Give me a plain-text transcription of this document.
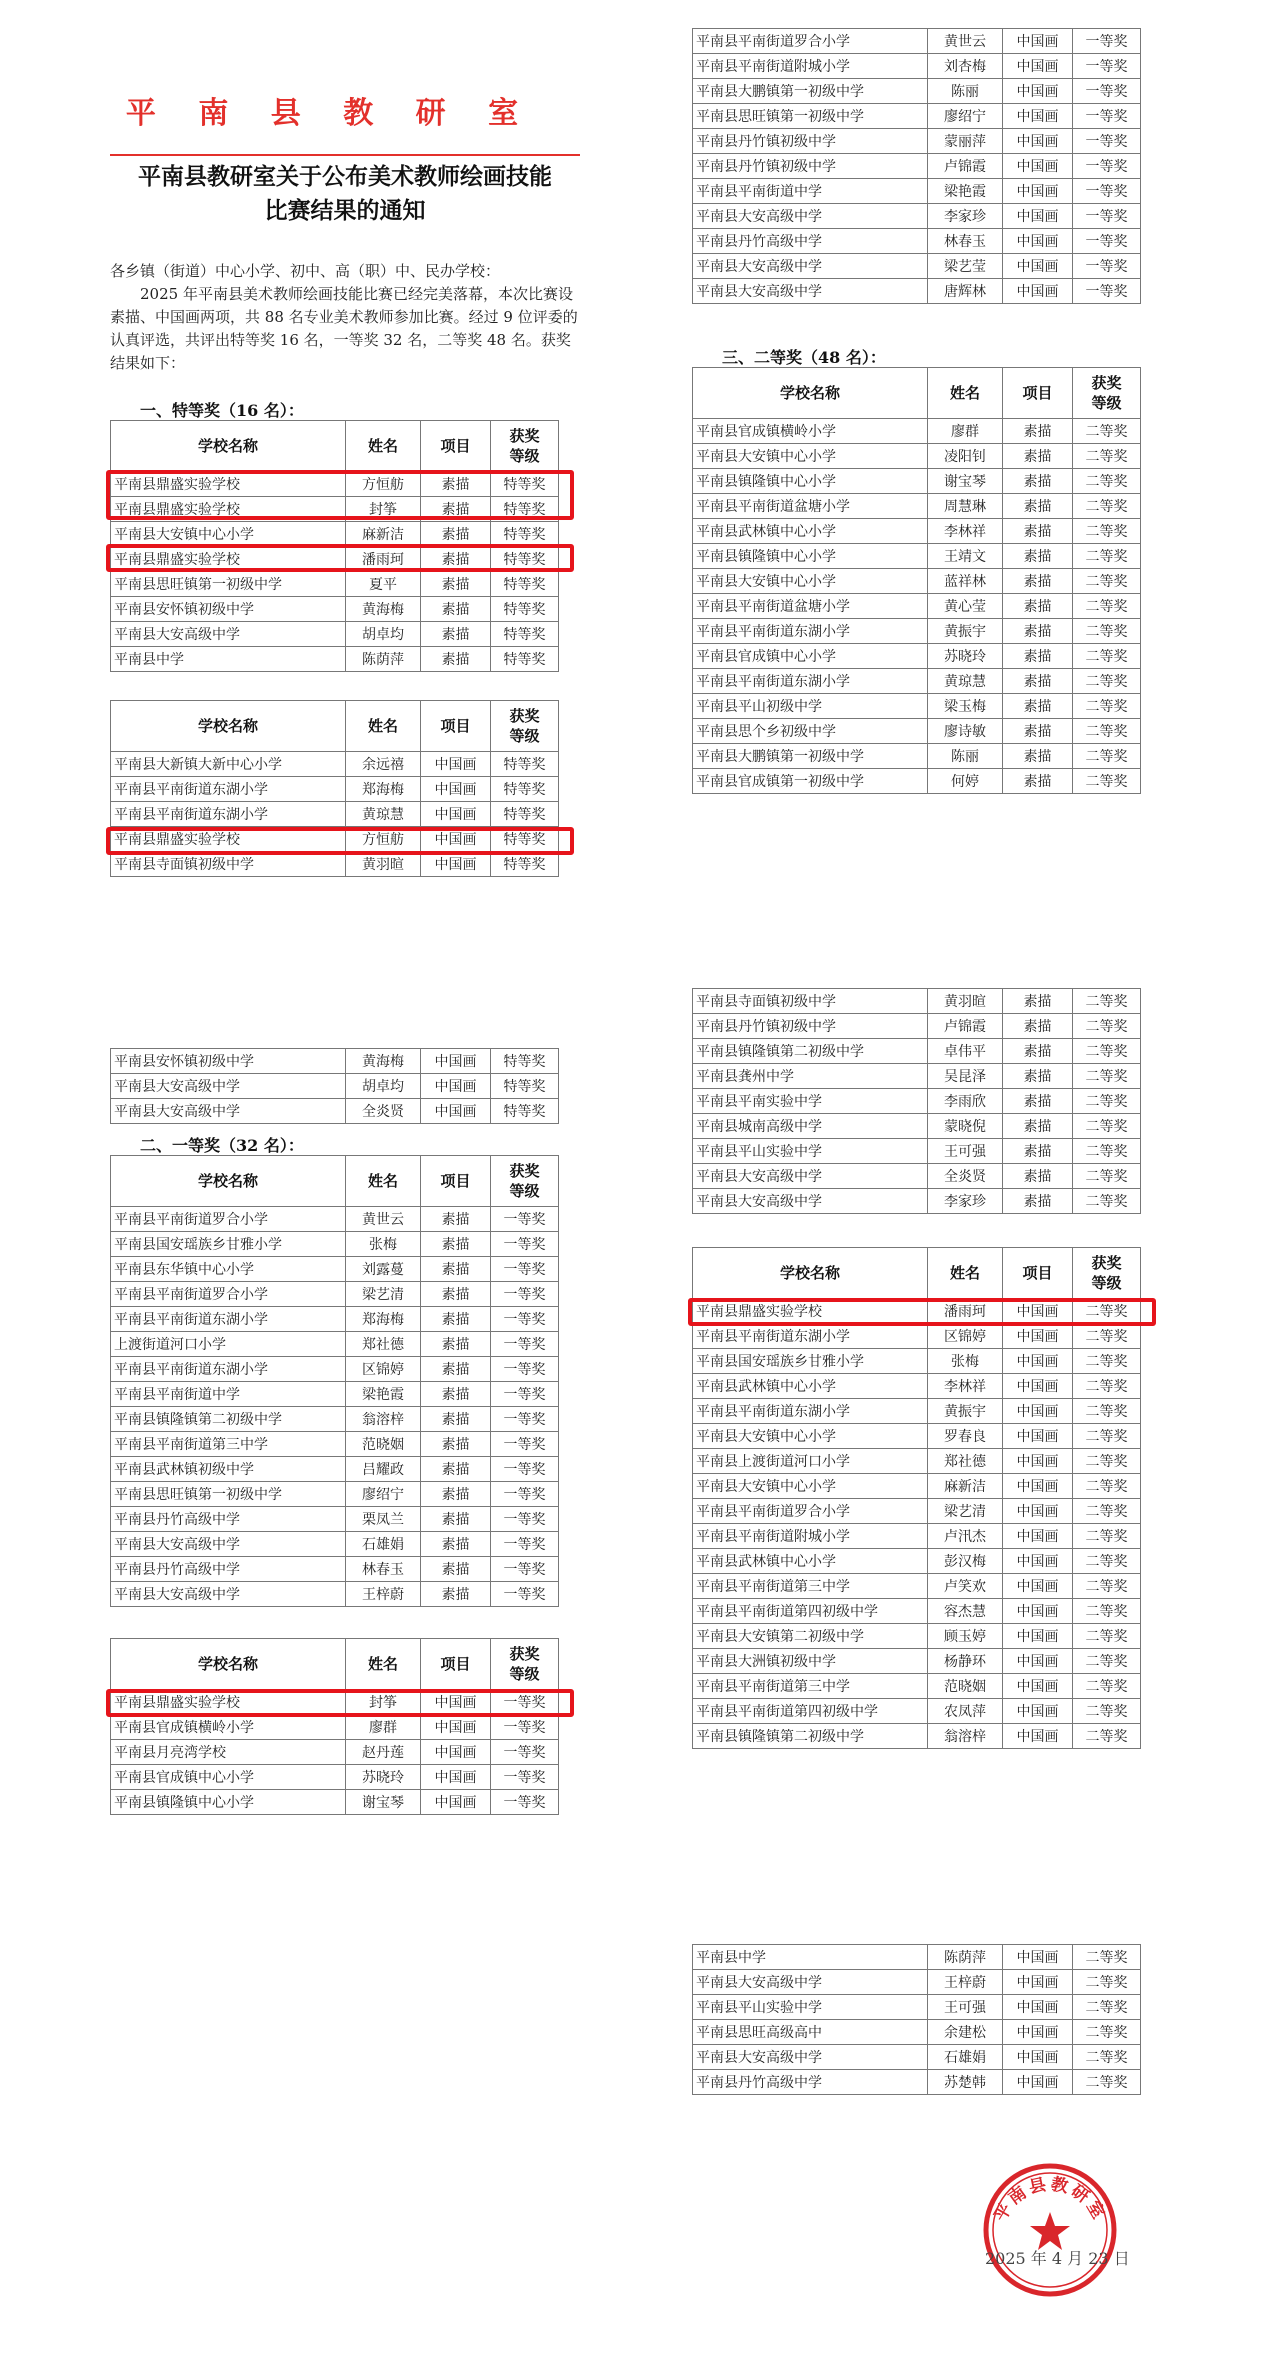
平 南 县 教 研 室
平南县教研室关于公布美术教师绘画技能
比赛结果的通知

各乡镇（街道）中心小学、初中、高（职）中、民办学校：

2025 年平南县美术教师绘画技能比赛已经完美落幕，本次比赛设素描、中国画两项，共 88 名专业美术教师参加比赛。经过 9 位评委的认真评选，共评出特等奖 16 名，一等奖 32 名，二等奖 48 名。获奖结果如下：

一、特等奖（16 名）：
学校名称	姓名	项目	获奖
等级

平南县鼎盛实验学校	方恒舫	素描	特等奖
平南县鼎盛实验学校	封筝	素描	特等奖
平南县大安镇中心小学	麻新洁	素描	特等奖
平南县鼎盛实验学校	潘雨珂	素描	特等奖
平南县思旺镇第一初级中学	夏平	素描	特等奖
平南县安怀镇初级中学	黄海梅	素描	特等奖
平南县大安高级中学	胡卓均	素描	特等奖
平南县中学	陈荫萍	素描	特等奖
学校名称	姓名	项目	获奖
等级

平南县大新镇大新中心小学	余远禧	中国画	特等奖
平南县平南街道东湖小学	郑海梅	中国画	特等奖
平南县平南街道东湖小学	黄琼慧	中国画	特等奖
平南县鼎盛实验学校	方恒舫	中国画	特等奖
平南县寺面镇初级中学	黄羽暄	中国画	特等奖
平南县安怀镇初级中学	黄海梅	中国画	特等奖
平南县大安高级中学	胡卓均	中国画	特等奖
平南县大安高级中学	全炎贤	中国画	特等奖
二、一等奖（32 名）：
学校名称	姓名	项目	获奖
等级

平南县平南街道罗合小学	黄世云	素描	一等奖
平南县国安瑶族乡甘雅小学	张梅	素描	一等奖
平南县东华镇中心小学	刘露蔓	素描	一等奖
平南县平南街道罗合小学	梁艺清	素描	一等奖
平南县平南街道东湖小学	郑海梅	素描	一等奖
上渡街道河口小学	郑社德	素描	一等奖
平南县平南街道东湖小学	区锦婷	素描	一等奖
平南县平南街道中学	梁艳霞	素描	一等奖
平南县镇隆镇第二初级中学	翁溶梓	素描	一等奖
平南县平南街道第三中学	范晓姻	素描	一等奖
平南县武林镇初级中学	吕耀政	素描	一等奖
平南县思旺镇第一初级中学	廖绍宁	素描	一等奖
平南县丹竹高级中学	栗凤兰	素描	一等奖
平南县大安高级中学	石雄娟	素描	一等奖
平南县丹竹高级中学	林春玉	素描	一等奖
平南县大安高级中学	王梓蔚	素描	一等奖
学校名称	姓名	项目	获奖
等级

平南县鼎盛实验学校	封筝	中国画	一等奖
平南县官成镇横岭小学	廖群	中国画	一等奖
平南县月亮湾学校	赵丹莲	中国画	一等奖
平南县官成镇中心小学	苏晓玲	中国画	一等奖
平南县镇隆镇中心小学	谢宝琴	中国画	一等奖
平南县平南街道罗合小学	黄世云	中国画	一等奖
平南县平南街道附城小学	刘杏梅	中国画	一等奖
平南县大鹏镇第一初级中学	陈丽	中国画	一等奖
平南县思旺镇第一初级中学	廖绍宁	中国画	一等奖
平南县丹竹镇初级中学	蒙丽萍	中国画	一等奖
平南县丹竹镇初级中学	卢锦霞	中国画	一等奖
平南县平南街道中学	梁艳霞	中国画	一等奖
平南县大安高级中学	李家珍	中国画	一等奖
平南县丹竹高级中学	林春玉	中国画	一等奖
平南县大安高级中学	梁艺莹	中国画	一等奖
平南县大安高级中学	唐辉林	中国画	一等奖
三、二等奖（48 名）：
学校名称	姓名	项目	获奖
等级

平南县官成镇横岭小学	廖群	素描	二等奖
平南县大安镇中心小学	凌阳钊	素描	二等奖
平南县镇隆镇中心小学	谢宝琴	素描	二等奖
平南县平南街道盆塘小学	周慧琳	素描	二等奖
平南县武林镇中心小学	李林祥	素描	二等奖
平南县镇隆镇中心小学	王靖文	素描	二等奖
平南县大安镇中心小学	蓝祥林	素描	二等奖
平南县平南街道盆塘小学	黄心莹	素描	二等奖
平南县平南街道东湖小学	黄振宇	素描	二等奖
平南县官成镇中心小学	苏晓玲	素描	二等奖
平南县平南街道东湖小学	黄琼慧	素描	二等奖
平南县平山初级中学	梁玉梅	素描	二等奖
平南县思个乡初级中学	廖诗敏	素描	二等奖
平南县大鹏镇第一初级中学	陈丽	素描	二等奖
平南县官成镇第一初级中学	何婷	素描	二等奖
平南县寺面镇初级中学	黄羽暄	素描	二等奖
平南县丹竹镇初级中学	卢锦霞	素描	二等奖
平南县镇隆镇第二初级中学	卓伟平	素描	二等奖
平南县龚州中学	吴昆泽	素描	二等奖
平南县平南实验中学	李雨欣	素描	二等奖
平南县城南高级中学	蒙晓倪	素描	二等奖
平南县平山实验中学	王可强	素描	二等奖
平南县大安高级中学	全炎贤	素描	二等奖
平南县大安高级中学	李家珍	素描	二等奖
学校名称	姓名	项目	获奖
等级

平南县鼎盛实验学校	潘雨珂	中国画	二等奖
平南县平南街道东湖小学	区锦婷	中国画	二等奖
平南县国安瑶族乡甘雅小学	张梅	中国画	二等奖
平南县武林镇中心小学	李林祥	中国画	二等奖
平南县平南街道东湖小学	黄振宇	中国画	二等奖
平南县大安镇中心小学	罗春良	中国画	二等奖
平南县上渡街道河口小学	郑社德	中国画	二等奖
平南县大安镇中心小学	麻新洁	中国画	二等奖
平南县平南街道罗合小学	梁艺清	中国画	二等奖
平南县平南街道附城小学	卢汛杰	中国画	二等奖
平南县武林镇中心小学	彭汉梅	中国画	二等奖
平南县平南街道第三中学	卢笑欢	中国画	二等奖
平南县平南街道第四初级中学	容杰慧	中国画	二等奖
平南县大安镇第二初级中学	顾玉婷	中国画	二等奖
平南县大洲镇初级中学	杨静环	中国画	二等奖
平南县平南街道第三中学	范晓姻	中国画	二等奖
平南县平南街道第四初级中学	农凤萍	中国画	二等奖
平南县镇隆镇第二初级中学	翁溶梓	中国画	二等奖
平南县中学	陈荫萍	中国画	二等奖
平南县大安高级中学	王梓蔚	中国画	二等奖
平南县平山实验中学	王可强	中国画	二等奖
平南县思旺高级高中	余建松	中国画	二等奖
平南县大安高级中学	石雄娟	中国画	二等奖
平南县丹竹高级中学	苏楚韩	中国画	二等奖
平南县教研室
2025 年 4 月 23 日
